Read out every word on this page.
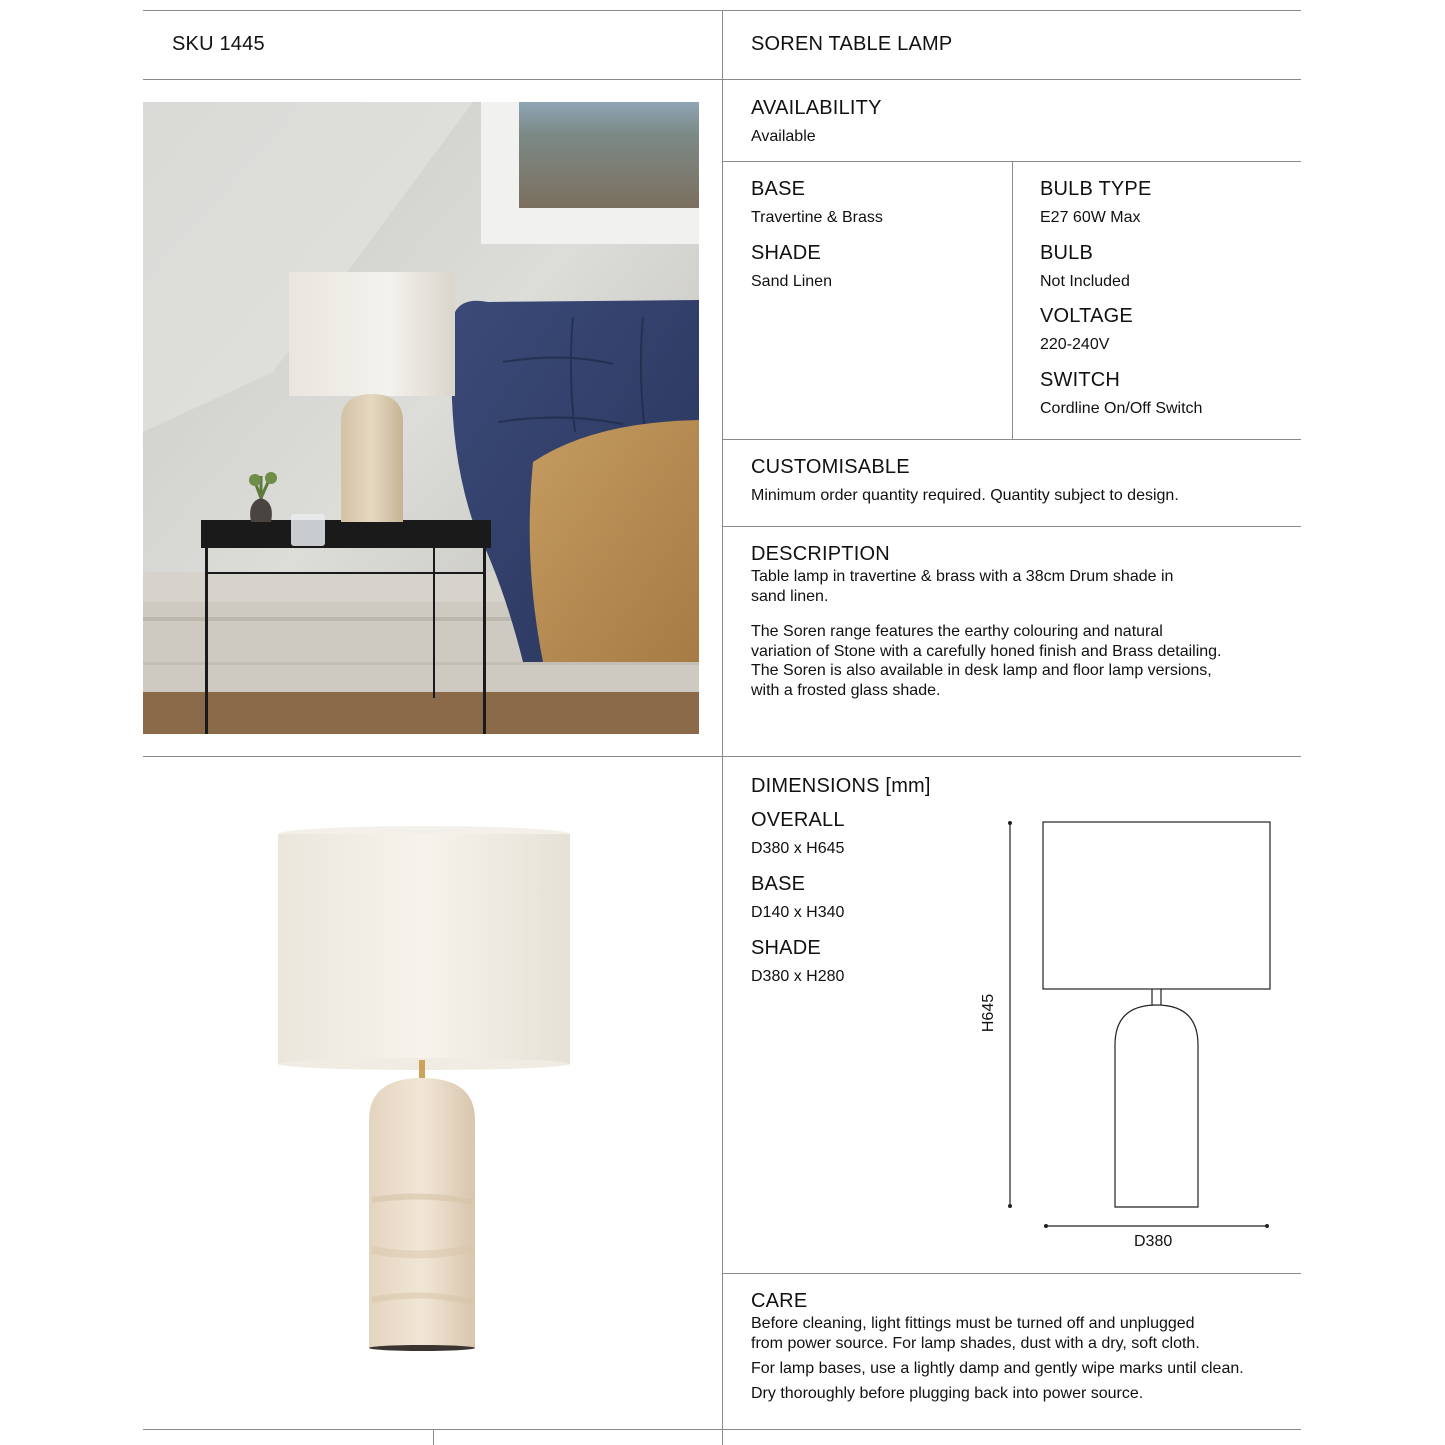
SKU 1445	SOREN TABLE LAMP
AVAILABILITY
Available
BASE
Travertine & Brass
SHADE
Sand Linen
BULB TYPE
E27 60W Max
BULB
Not Included
VOLTAGE
220-240V
SWITCH
Cordline On/Off Switch
CUSTOMISABLE
Minimum order quantity required. Quantity subject to design.
DESCRIPTION
Table lamp in travertine & brass with a 38cm Drum shade in
sand linen.
The Soren range features the earthy colouring and natural
variation of Stone with a carefully honed finish and Brass detailing.
The Soren is also available in desk lamp and floor lamp versions,
with a frosted glass shade.
DIMENSIONS [mm]
OVERALL
D380 x H645
BASE
D140 x H340
SHADE
D380 x H280
H645
D380
CARE
Before cleaning, light fittings must be turned off and unplugged
from power source. For lamp shades, dust with a dry, soft cloth.
For lamp bases, use a lightly damp and gently wipe marks until clean.
Dry thoroughly before plugging back into power source.
